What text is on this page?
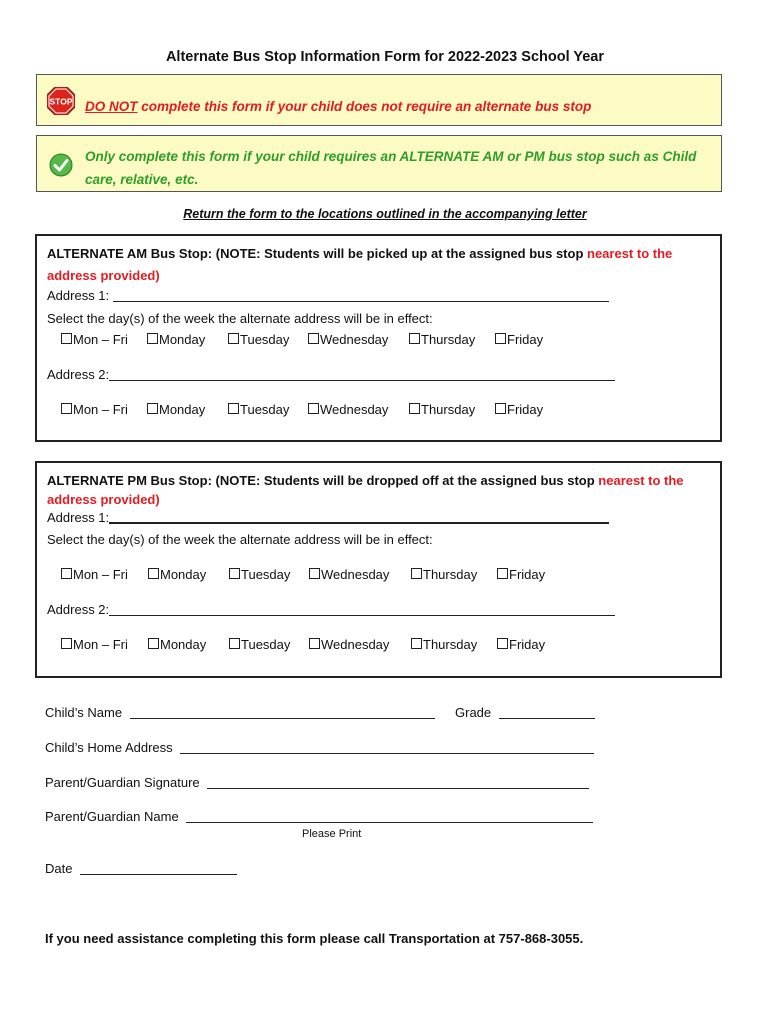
Alternate Bus Stop Information Form for 2022-2023 School Year
STOP DO NOT complete this form if your child does not require an alternate bus stop
Only complete this form if your child requires an ALTERNATE AM or PM bus stop such as Child care, relative, etc.
Return the form to the locations outlined in the accompanying letter
ALTERNATE AM Bus Stop: (NOTE: Students will be picked up at the assigned bus stop nearest to the address provided)
Address 1:
Select the day(s) of the week the alternate address will be in effect:
Mon – Fri	Monday	Tuesday	Wednesday	Thursday	Friday
Address 2:
Mon – Fri	Monday	Tuesday	Wednesday	Thursday	Friday
ALTERNATE PM Bus Stop: (NOTE: Students will be dropped off at the assigned bus stop nearest to the address provided)
Address 1:
Select the day(s) of the week the alternate address will be in effect:
Mon – Fri	Monday	Tuesday	Wednesday	Thursday	Friday
Address 2:
Mon – Fri	Monday	Tuesday	Wednesday	Thursday	Friday
Child’s Name	Grade
Child’s Home Address
Parent/Guardian Signature
Parent/Guardian Name
Please Print
Date
If you need assistance completing this form please call Transportation at 757-868-3055.
